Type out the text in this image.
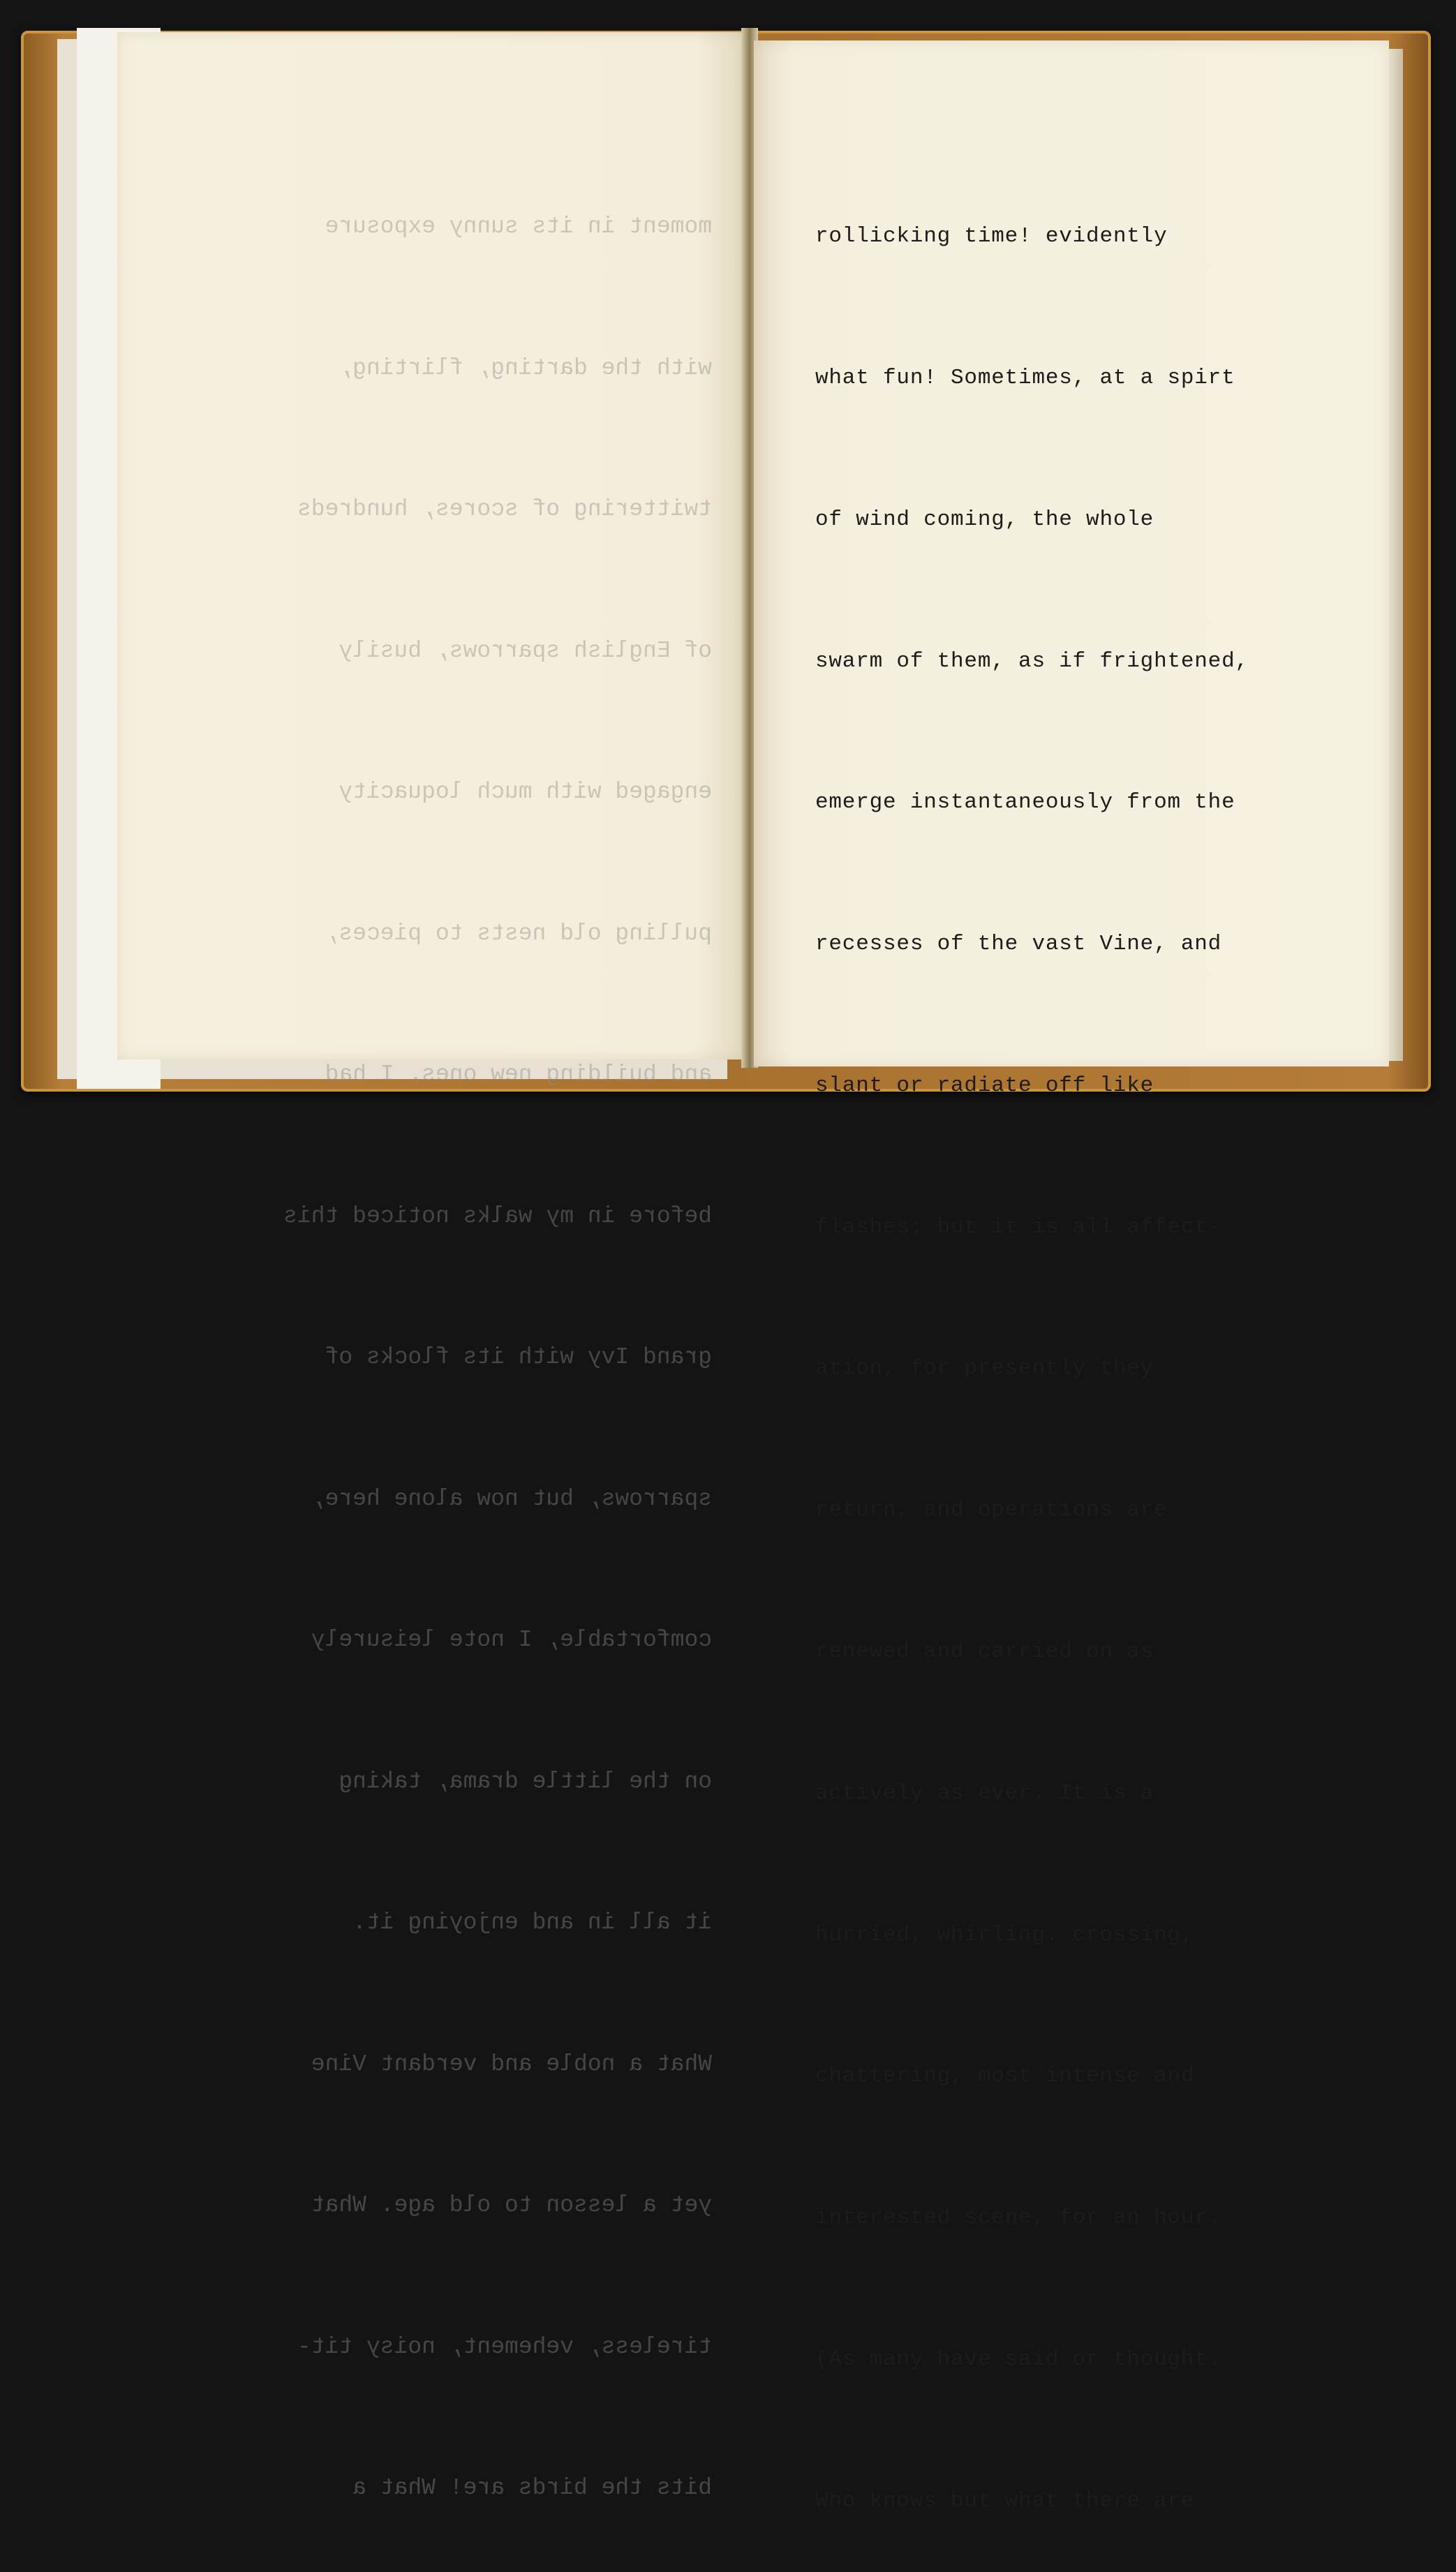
moment in its sunny exposure

with the darting, flirting,

twittering of scores, hundreds

of English sparrows, busily

engaged with much loquacity

pulling old nests to pieces,

and building new ones, I had

before in my walks noticed this

grand Ivy with its flocks of

sparrows, but now alone here,

comfortable, I note leisurely

on the little drama, taking

it all in and enjoying it.

What a noble and verdant Vine

yet a lesson to old age. What

tireless, vehement, noisy tit-

bits the birds are! What a

rollicking time! evidently

what fun! Sometimes, at a spirt

of wind coming, the whole

swarm of them, as if frightened,

emerge instantaneously from the

recesses of the vast Vine, and

slant or radiate off like

flashes; but it is all affect-

ation, for presently they

return, and operations are

renewed and carried on as

actively as ever. It is a

hurried, whirling. crossing,

chattering, most intense and

interested scene, for an hour.

(As many have said or thought.

Who knows but what there are
